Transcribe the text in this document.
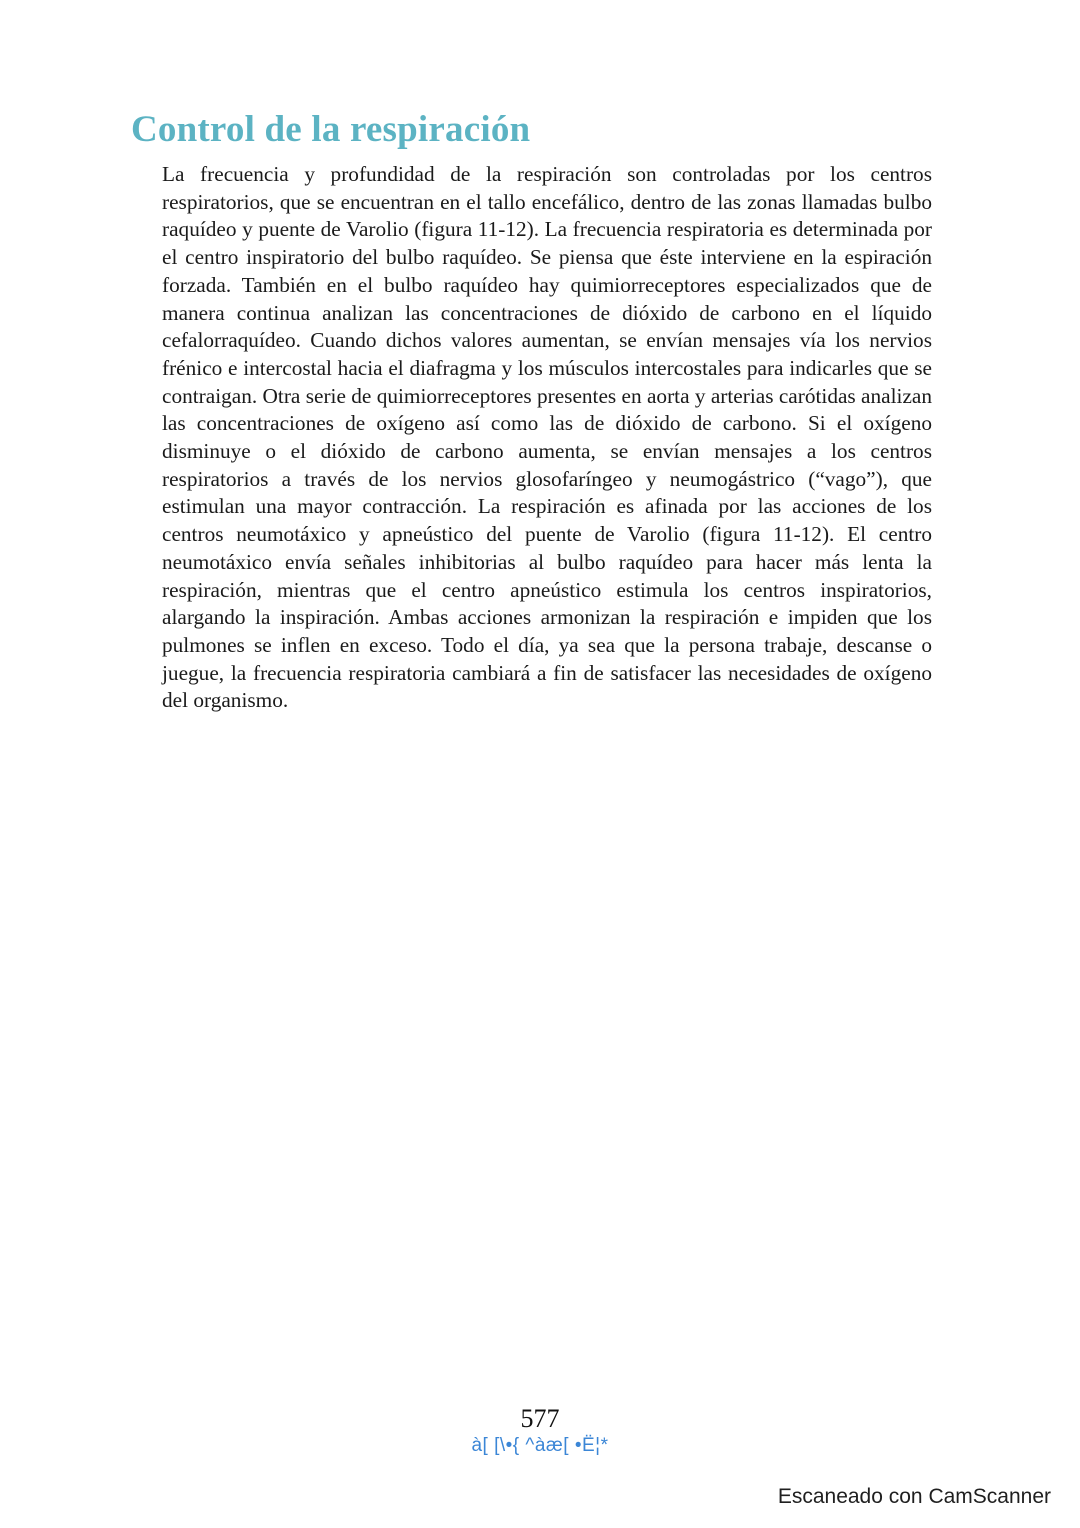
Control de la respiración

La frecuencia y profundidad de la respiración son controladas por los centros respiratorios, que se encuentran en el tallo encefálico, dentro de las zonas llamadas bulbo raquídeo y puente de Varolio (figura 11-12). La frecuencia respiratoria es determinada por el centro inspiratorio del bulbo raquídeo. Se piensa que éste interviene en la espiración forzada. También en el bulbo raquídeo hay quimiorreceptores especializados que de manera continua analizan las concentraciones de dióxido de carbono en el líquido cefalorraquídeo. Cuando dichos valores aumentan, se envían mensajes vía los nervios frénico e intercostal hacia el diafragma y los músculos intercostales para indicarles que se contraigan. Otra serie de quimiorreceptores presentes en aorta y arterias carótidas analizan las concentraciones de oxígeno así como las de dióxido de carbono. Si el oxígeno disminuye o el dióxido de carbono aumenta, se envían mensajes a los centros respiratorios a través de los nervios glosofaríngeo y neumogástrico (“vago”), que estimulan una mayor contracción. La respiración es afinada por las acciones de los centros neumotáxico y apneústico del puente de Varolio (figura 11-12). El centro neumotáxico envía señales inhibitorias al bulbo raquídeo para hacer más lenta la respiración, mientras que el centro apneústico estimula los centros inspiratorios, alargando la inspiración. Ambas acciones armonizan la respiración e impiden que los pulmones se inflen en exceso. Todo el día, ya sea que la persona trabaje, descanse o juegue, la frecuencia respiratoria cambiará a fin de satisfacer las necesidades de oxígeno del organismo.

577
à[ [\•{ ^àæ[ •Ë¦*
Escaneado con CamScanner
